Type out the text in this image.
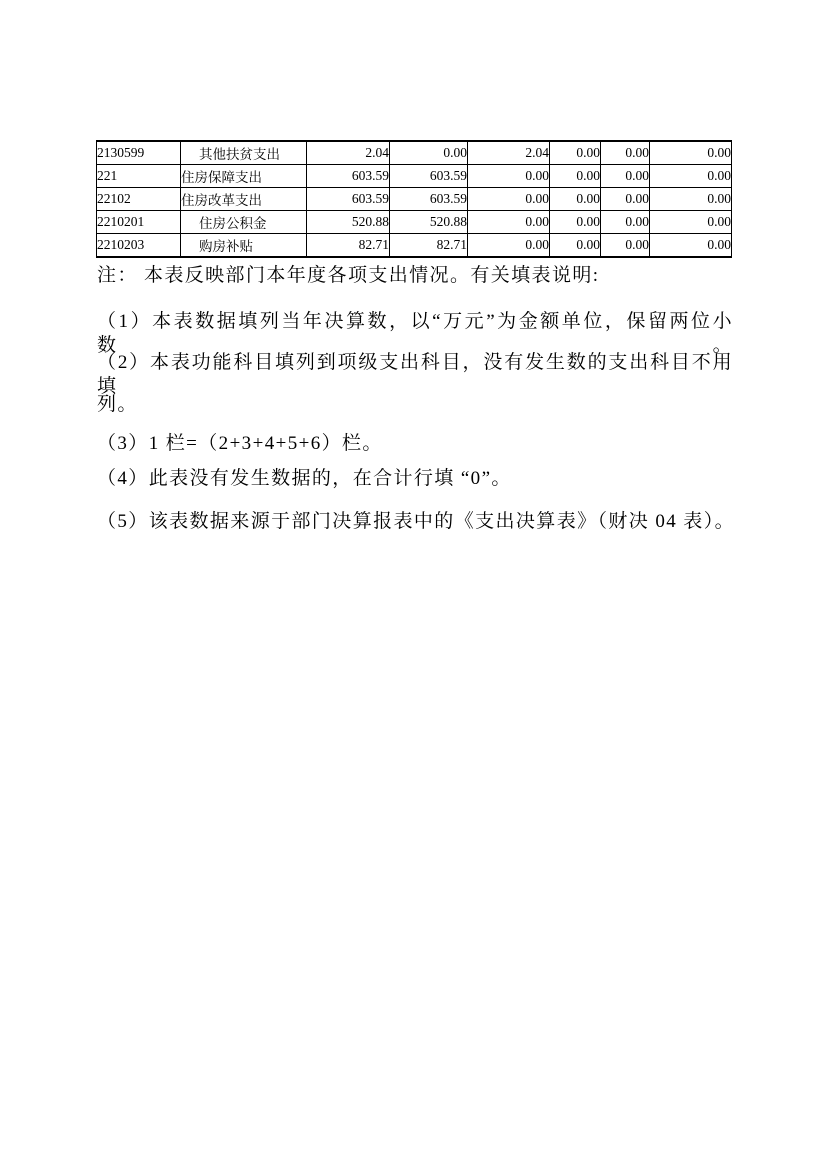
2130599	其他扶贫支出	2.04	0.00	2.04	0.00	0.00	0.00
221	住房保障支出	603.59	603.59	0.00	0.00	0.00	0.00
22102	住房改革支出	603.59	603.59	0.00	0.00	0.00	0.00
2210201	住房公积金	520.88	520.88	0.00	0.00	0.00	0.00
2210203	购房补贴	82.71	82.71	0.00	0.00	0.00	0.00
注： 本表反映部门本年度各项支出情况。有关填表说明:
（1）本表数据填列当年决算数，以“万元”为金额单位，保留两位小数。
（2）本表功能科目填列到项级支出科目，没有发生数的支出科目不用填
列。
（3）1 栏=（2+3+4+5+6）栏。
（4）此表没有发生数据的，在合计行填 “0”。
（5）该表数据来源于部门决算报表中的《支出决算表》（财决 04 表）。
